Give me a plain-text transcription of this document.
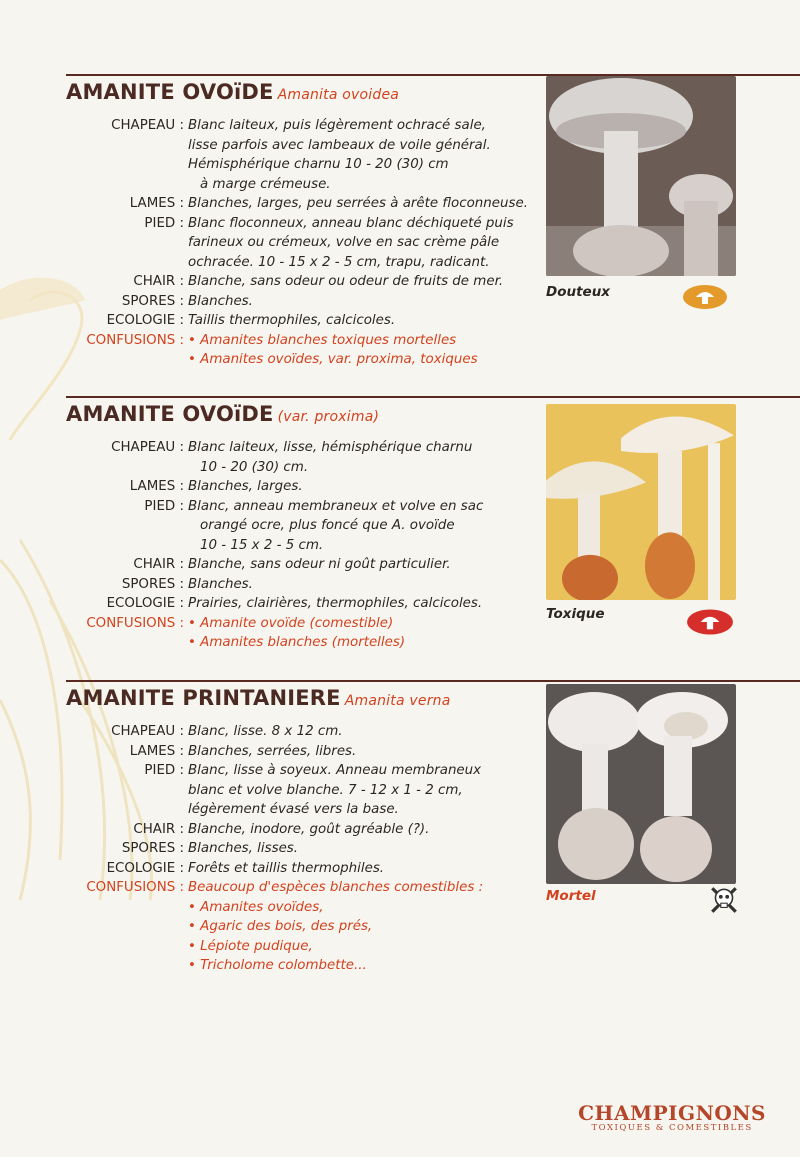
AMANITE OVOïDE Amanita ovoidea
CHAPEAU : Blanc laiteux, puis légèrement ochracé sale,
lisse parfois avec lambeaux de voile général.
Hémisphérique charnu 10 - 20 (30) cm
à marge crémeuse.
LAMES : Blanches, larges, peu serrées à arête floconneuse.
PIED : Blanc floconneux, anneau blanc déchiqueté puis
farineux ou crémeux, volve en sac crème pâle
ochracée. 10 - 15 x 2 - 5 cm, trapu, radicant.
CHAIR : Blanche, sans odeur ou odeur de fruits de mer.
SPORES : Blanches.
ECOLOGIE : Taillis thermophiles, calcicoles.
CONFUSIONS : • Amanites blanches toxiques mortelles
• Amanites ovoïdes, var. proxima, toxiques
Douteux
AMANITE OVOïDE (var. proxima)
CHAPEAU : Blanc laiteux, lisse, hémisphérique charnu
10 - 20 (30) cm.
LAMES : Blanches, larges.
PIED : Blanc, anneau membraneux et volve en sac
orangé ocre, plus foncé que A. ovoïde
10 - 15 x 2 - 5 cm.
CHAIR : Blanche, sans odeur ni goût particulier.
SPORES : Blanches.
ECOLOGIE : Prairies, clairières, thermophiles, calcicoles.
CONFUSIONS : • Amanite ovoïde (comestible)
• Amanites blanches (mortelles)
Toxique
AMANITE PRINTANIERE Amanita verna
CHAPEAU : Blanc, lisse. 8 x 12 cm.
LAMES : Blanches, serrées, libres.
PIED : Blanc, lisse à soyeux. Anneau membraneux
blanc et volve blanche. 7 - 12 x 1 - 2 cm,
légèrement évasé vers la base.
CHAIR : Blanche, inodore, goût agréable (?).
SPORES : Blanches, lisses.
ECOLOGIE : Forêts et taillis thermophiles.
CONFUSIONS : Beaucoup d'espèces blanches comestibles :
• Amanites ovoïdes,
• Agaric des bois, des prés,
• Lépiote pudique,
• Tricholome colombette...
Mortel
CHAMPIGNONS
TOXIQUES & COMESTIBLES
